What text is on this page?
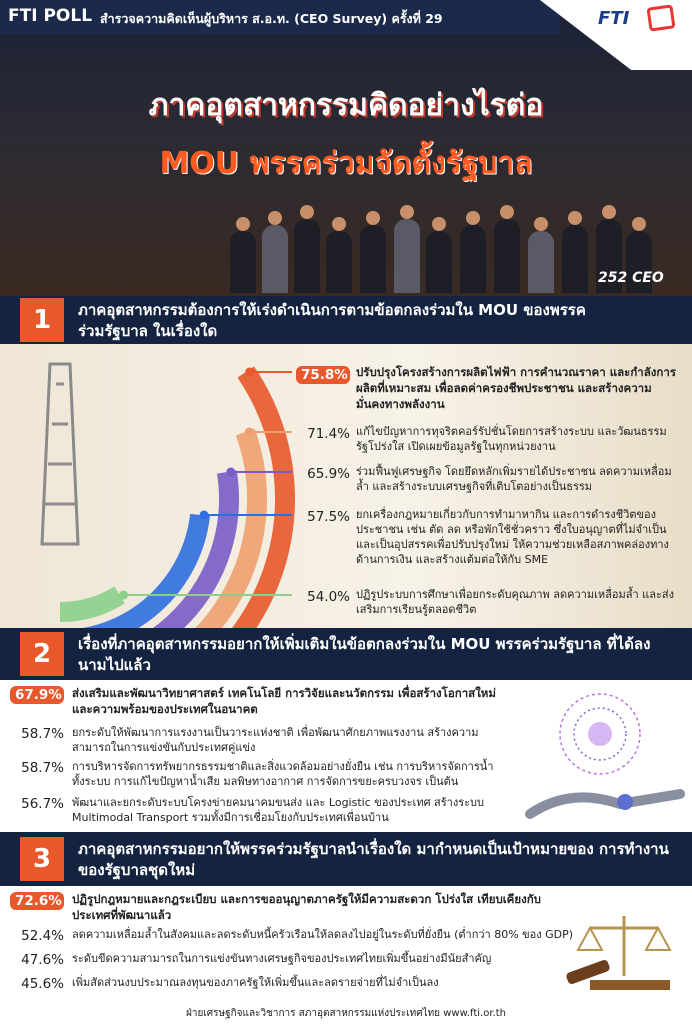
FTI POLL สำรวจความคิดเห็นผู้บริหาร ส.อ.ท. (CEO Survey) ครั้งที่ 29	FTI
ภาคอุตสาหกรรมคิดอย่างไรต่อ
MOU พรรคร่วมจัดตั้งรัฐบาล
252 CEO
1	ภาคอุตสาหกรรมต้องการให้เร่งดำเนินการตามข้อตกลงร่วมใน MOU ของพรรคร่วมรัฐบาล ในเรื่องใด
75.8% ปรับปรุงโครงสร้างการผลิตไฟฟ้า การคำนวณราคา และกำลังการผลิตที่เหมาะสม เพื่อลดค่าครองชีพประชาชน และสร้างความมั่นคงทางพลังงาน
71.4% แก้ไขปัญหาการทุจริตคอร์รัปชั่นโดยการสร้างระบบ และวัฒนธรรมรัฐโปร่งใส เปิดเผยข้อมูลรัฐในทุกหน่วยงาน
65.9% ร่วมฟื้นฟูเศรษฐกิจ โดยยึดหลักเพิ่มรายได้ประชาชน ลดความเหลื่อมล้ำ และสร้างระบบเศรษฐกิจที่เติบโตอย่างเป็นธรรม
57.5% ยกเครื่องกฎหมายเกี่ยวกับการทำมาหากิน และการดำรงชีวิตของประชาชน เช่น ตัด ลด หรือพักใช้ชั่วคราว ซึ่งใบอนุญาตที่ไม่จำเป็น และเป็นอุปสรรคเพื่อปรับปรุงใหม่ ให้ความช่วยเหลือสภาพคล่องทางด้านการเงิน และสร้างแต้มต่อให้กับ SME
54.0% ปฏิรูประบบการศึกษาเพื่อยกระดับคุณภาพ ลดความเหลื่อมล้ำ และส่งเสริมการเรียนรู้ตลอดชีวิต
2	เรื่องที่ภาคอุตสาหกรรมอยากให้เพิ่มเติมในข้อตกลงร่วมใน MOU พรรคร่วมรัฐบาล ที่ได้ลงนามไปแล้ว
67.9% ส่งเสริมและพัฒนาวิทยาศาสตร์ เทคโนโลยี การวิจัยและนวัตกรรม เพื่อสร้างโอกาสใหม่และความพร้อมของประเทศในอนาคต
58.7% ยกระดับให้พัฒนาการแรงงานเป็นวาระแห่งชาติ เพื่อพัฒนาศักยภาพแรงงาน สร้างความสามารถในการแข่งขันกับประเทศคู่แข่ง
58.7% การบริหารจัดการทรัพยากรธรรมชาติและสิ่งแวดล้อมอย่างยั่งยืน เช่น การบริหารจัดการน้ำทั้งระบบ การแก้ไขปัญหาน้ำเสีย มลพิษทางอากาศ การจัดการขยะครบวงจร เป็นต้น
56.7% พัฒนาและยกระดับระบบโครงข่ายคมนาคมขนส่ง และ Logistic ของประเทศ สร้างระบบ Multimodal Transport รวมทั้งมีการเชื่อมโยงกับประเทศเพื่อนบ้าน
3	ภาคอุตสาหกรรมอยากให้พรรคร่วมรัฐบาลนำเรื่องใด มากำหนดเป็นเป้าหมายของ การทำงานของรัฐบาลชุดใหม่
72.6% ปฏิรูปกฎหมายและกฎระเบียบ และการขออนุญาตภาครัฐให้มีความสะดวก โปร่งใส เทียบเคียงกับประเทศที่พัฒนาแล้ว
52.4% ลดความเหลื่อมล้ำในสังคมและลดระดับหนี้ครัวเรือนให้ลดลงไปอยู่ในระดับที่ยั่งยืน (ต่ำกว่า 80% ของ GDP)
47.6% ระดับขีดความสามารถในการแข่งขันทางเศรษฐกิจของประเทศไทยเพิ่มขึ้นอย่างมีนัยสำคัญ
45.6% เพิ่มสัดส่วนงบประมาณลงทุนของภาครัฐให้เพิ่มขึ้นและลดรายจ่ายที่ไม่จำเป็นลง
ฝ่ายเศรษฐกิจและวิชาการ สภาอุตสาหกรรมแห่งประเทศไทย www.fti.or.th
